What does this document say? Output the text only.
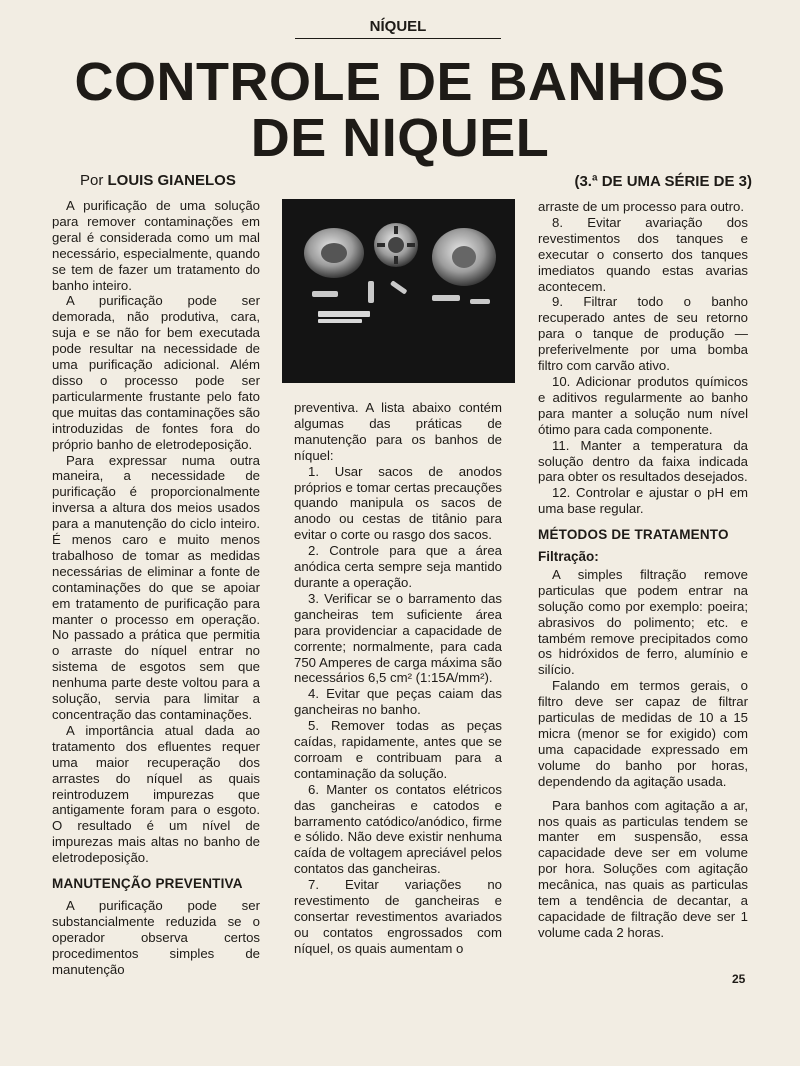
NÍQUEL
CONTROLE DE BANHOS DE NIQUEL
Por LOUIS GIANELOS	(3.ª DE UMA SÉRIE DE 3)

A purificação de uma solução para remover contaminações em geral é considerada como um mal necessário, especialmente, quando se tem de fazer um tratamento do banho inteiro.

A purificação pode ser demorada, não produtiva, cara, suja e se não for bem executada pode resultar na necessidade de uma purificação adicional. Além disso o processo pode ser particularmente frustante pelo fato que muitas das contaminações são introduzidas de fontes fora do próprio banho de eletrodeposição.

Para expressar numa outra maneira, a necessidade de purificação é proporcionalmente inversa a altura dos meios usados para a manutenção do ciclo inteiro. É menos caro e muito menos trabalhoso de tomar as medidas necessárias de eliminar a fonte de contaminações do que se apoiar em tratamento de purificação para manter o processo em operação. No passado a prática que permitia o arraste do níquel entrar no sistema de esgotos sem que nenhuma parte deste voltou para a solução, servia para limitar a concentração das contaminações.

A importância atual dada ao tratamento dos efluentes requer uma maior recuperação dos arrastes do níquel as quais reintroduzem impurezas que antigamente foram para o esgoto. O resultado é um nível de impurezas mais altas no banho de eletrodeposição.

MANUTENÇÃO PREVENTIVA

A purificação pode ser substancialmente reduzida se o operador observa certos procedimentos simples de manutenção

preventiva. A lista abaixo contém algumas das práticas de manutenção para os banhos de níquel:

1. Usar sacos de anodos próprios e tomar certas precauções quando manipula os sacos de anodo ou cestas de titânio para evitar o corte ou rasgo dos sacos.

2. Controle para que a área anódica certa sempre seja mantido durante a operação.

3. Verificar se o barramento das gancheiras tem suficiente área para providenciar a capacidade de corrente; normalmente, para cada 750 Amperes de carga máxima são necessários 6,5 cm² (1:15A/mm²).

4. Evitar que peças caiam das gancheiras no banho.

5. Remover todas as peças caídas, rapidamente, antes que se corroam e contribuam para a contaminação da solução.

6. Manter os contatos elétricos das gancheiras e catodos e barramento catódico/anódico, firme e sólido. Não deve existir nenhuma caída de voltagem apreciável pelos contatos das gancheiras.

7. Evitar variações no revestimento de gancheiras e consertar revestimentos avariados ou contatos engrossados com níquel, os quais aumentam o

arraste de um processo para outro.

8. Evitar avariação dos revestimentos dos tanques e executar o conserto dos tanques imediatos quando estas avarias acontecem.

9. Filtrar todo o banho recuperado antes de seu retorno para o tanque de produção — preferivelmente por uma bomba filtro com carvão ativo.

10. Adicionar produtos químicos e aditivos regularmente ao banho para manter a solução num nível ótimo para cada componente.

11. Manter a temperatura da solução dentro da faixa indicada para obter os resultados desejados.

12. Controlar e ajustar o pH em uma base regular.

MÉTODOS DE TRATAMENTO
Filtração:

A simples filtração remove particulas que podem entrar na solução como por exemplo: poeira; abrasivos do polimento; etc. e também remove precipitados como os hidróxidos de ferro, alumínio e silício.

Falando em termos gerais, o filtro deve ser capaz de filtrar particulas de medidas de 10 a 15 micra (menor se for exigido) com uma capacidade expressado em volume do banho por horas, dependendo da agitação usada.

Para banhos com agitação a ar, nos quais as particulas tendem se manter em suspensão, essa capacidade deve ser em volume por hora. Soluções com agitação mecânica, nas quais as particulas tem a tendência de decantar, a capacidade de filtração deve ser 1 volume cada 2 horas.

25
